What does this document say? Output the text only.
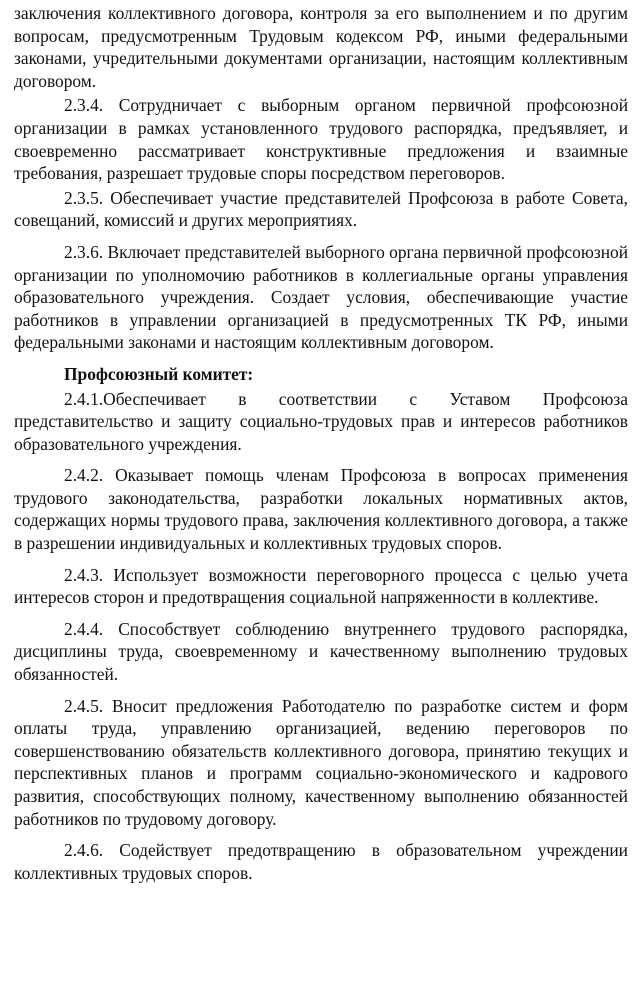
заключения коллективного договора, контроля за его выполнением и по другим вопросам, предусмотренным Трудовым кодексом РФ, иными федеральными законами, учредительными документами организации, настоящим коллективным договором.

2.3.4. Сотрудничает с выборным органом первичной профсоюзной организации в рамках установленного трудового распорядка, предъявляет, и своевременно рассматривает конструктивные предложения и взаимные требования, разрешает трудовые споры посредством переговоров.

2.3.5. Обеспечивает участие представителей Профсоюза в работе Совета, совещаний, комиссий и других мероприятиях.

2.3.6. Включает представителей выборного органа первичной профсоюзной организации по уполномочию работников в коллегиальные органы управления образовательного учреждения. Создает условия, обеспечивающие участие работников в управлении организацией в предусмотренных ТК РФ, иными федеральными законами и настоящим коллективным договором.

Профсоюзный комитет:

2.4.1.Обеспечивает в соответствии с Уставом Профсоюза представительство и защиту социально-трудовых прав и интересов работников образовательного учреждения.

2.4.2. Оказывает помощь членам Профсоюза в вопросах применения трудового законодательства, разработки локальных нормативных актов, содержащих нормы трудового права, заключения коллективного договора, а также в разрешении индивидуальных и коллективных трудовых споров.

2.4.3. Использует возможности переговорного процесса с целью учета интересов сторон и предотвращения социальной напряженности в коллективе.

2.4.4. Способствует соблюдению внутреннего трудового распорядка, дисциплины труда, своевременному и качественному выполнению трудовых обязанностей.

2.4.5. Вносит предложения Работодателю по разработке систем и форм оплаты труда, управлению организацией, ведению переговоров по совершенствованию обязательств коллективного договора, принятию текущих и перспективных планов и программ социально-экономического и кадрового развития, способствующих полному, качественному выполнению обязанностей работников по трудовому договору.

2.4.6. Содействует предотвращению в образовательном учреждении коллективных трудовых споров.
